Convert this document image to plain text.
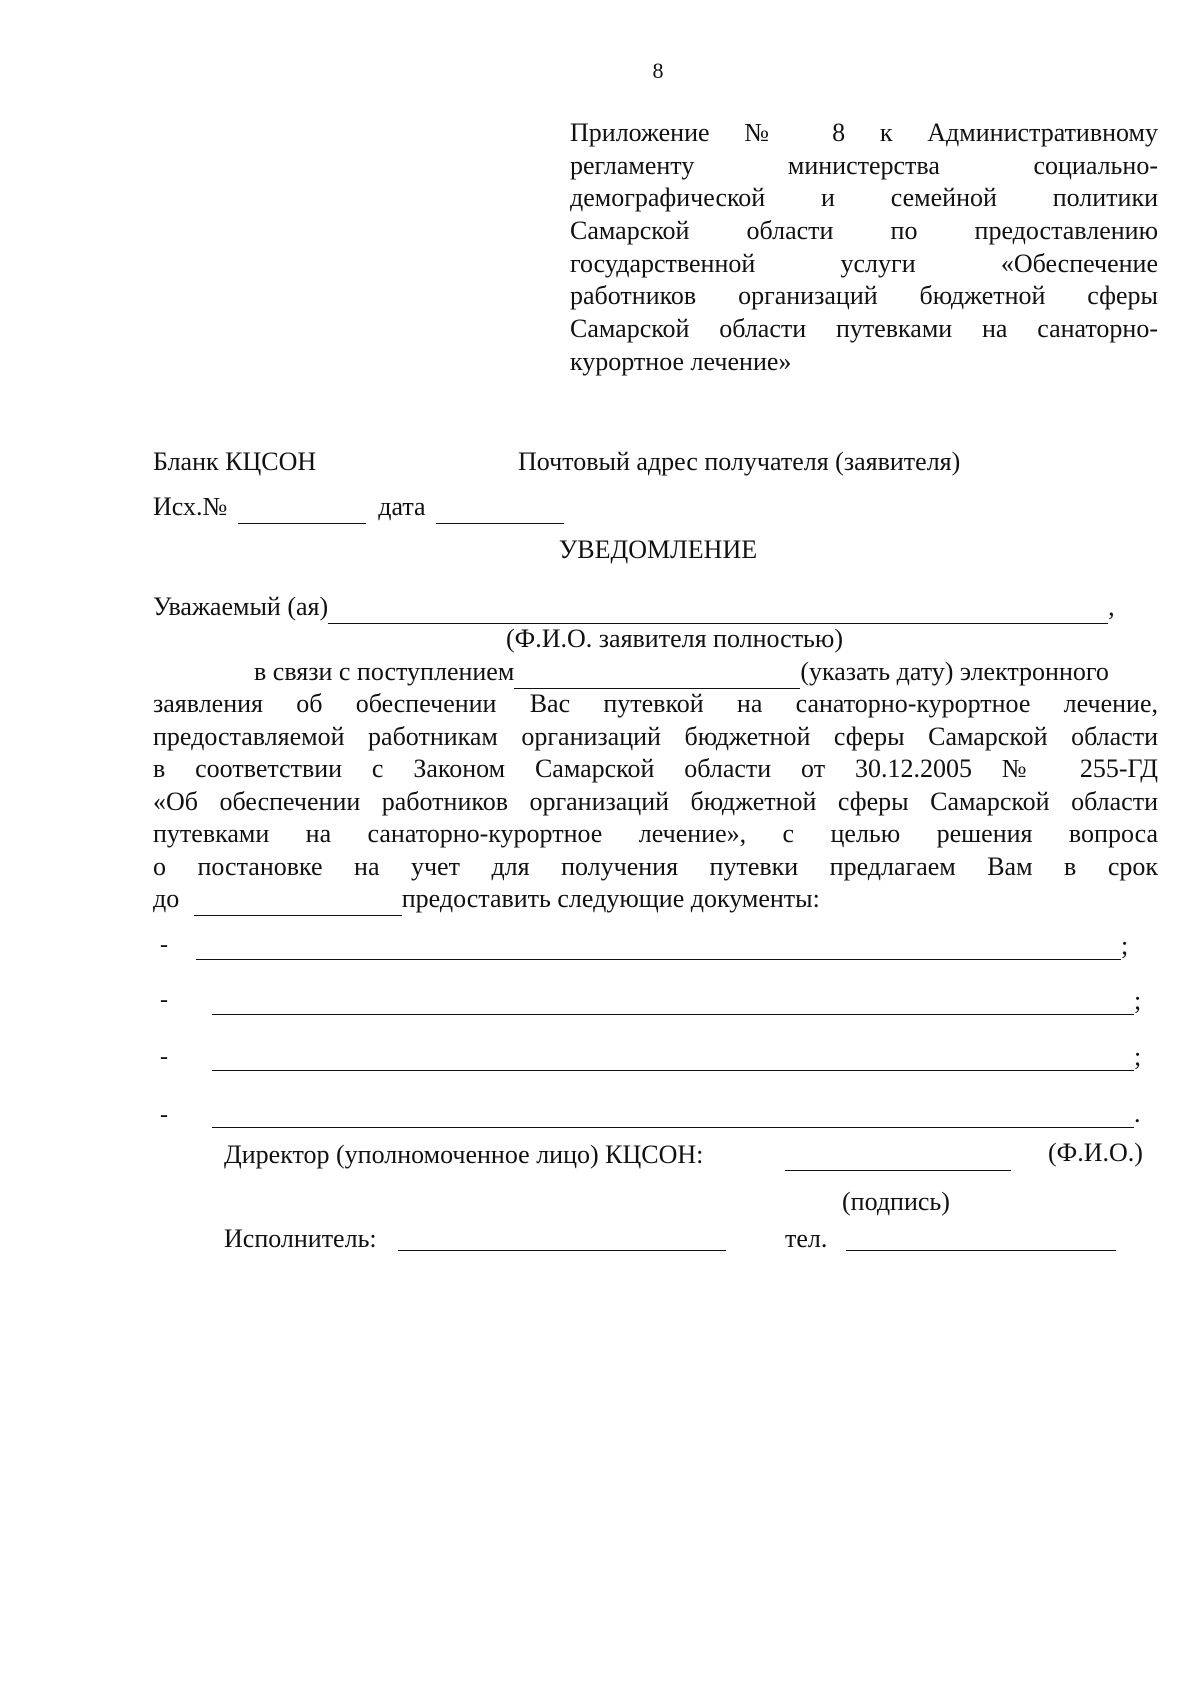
8
Приложение № 8 к Административному
регламенту министерства социально-
демографической и семейной политики
Самарской области по предоставлению
государственной услуги «Обеспечение
работников организаций бюджетной сферы
Самарской области путевками на санаторно-
курортное лечение»
Бланк КЦСОН	Почтовый адрес получателя (заявителя)
Исх.№	дата
УВЕДОМЛЕНИЕ
Уважаемый (ая)	,
(Ф.И.О. заявителя полностью)
в связи с поступлением	(указать дату) электронного
заявления об обеспечении Вас путевкой на санаторно-курортное лечение,
предоставляемой работникам организаций бюджетной сферы Самарской области
в соответствии с Законом Самарской области от 30.12.2005 № 255-ГД
«Об обеспечении работников организаций бюджетной сферы Самарской области
путевками на санаторно-курортное лечение», с целью решения вопроса
о постановке на учет для получения путевки предлагаем Вам в срок
до	предоставить следующие документы:
-	;
-	;
-	;
-	.
Директор (уполномоченное лицо) КЦСОН:	(Ф.И.О.)
(подпись)
Исполнитель:	тел.
